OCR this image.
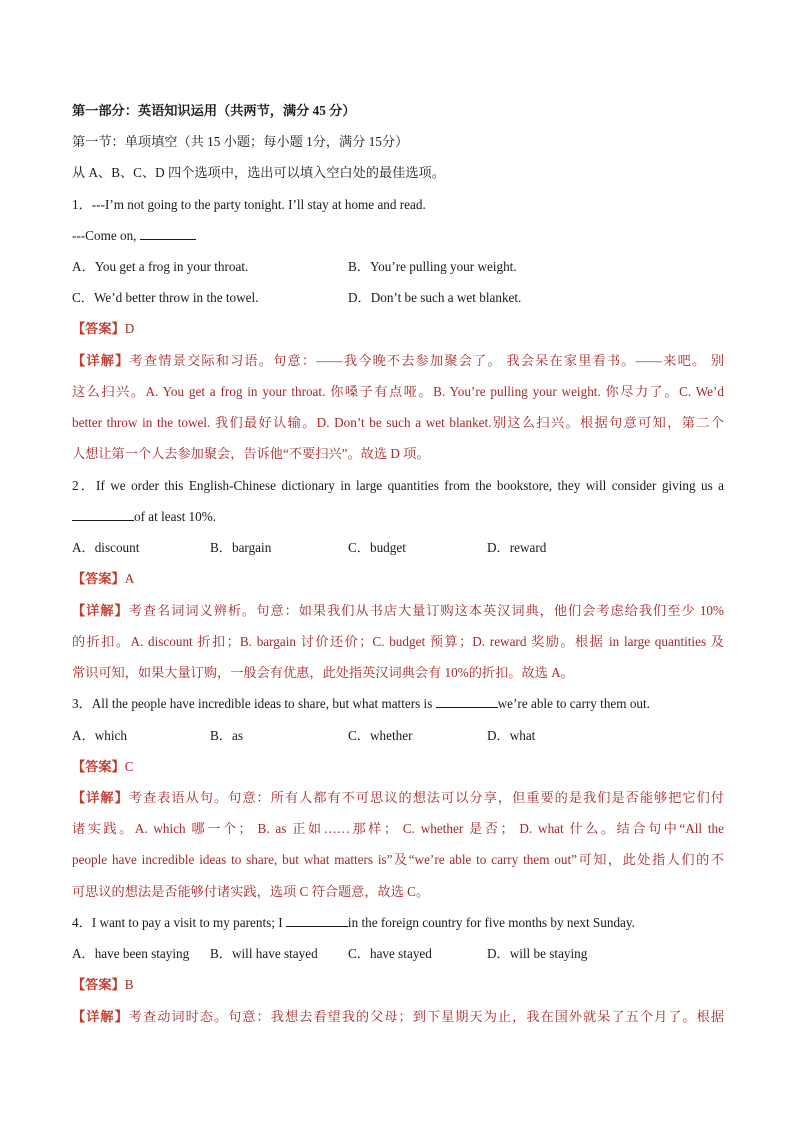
第一部分：英语知识运用（共两节，满分 45 分）
第一节：单项填空（共 15 小题；每小题 1分，满分 15分）
从 A、B、C、D 四个选项中，选出可以填入空白处的最佳选项。
1．---I’m not going to the party tonight. I’ll stay at home and read.
---Come on,
A．You get a frog in your throat.	B．You’re pulling your weight.
C．We’d better throw in the towel.	D．Don’t be such a wet blanket.
【答案】D
【详解】考查情景交际和习语。句意：——我今晚不去参加聚会了。 我会呆在家里看书。——来吧。 别
这么扫兴。A. You get a frog in your throat. 你嗓子有点哑。B. You’re pulling your weight. 你尽力了。C. We’d
better throw in the towel. 我们最好认输。D. Don’t be such a wet blanket.别这么扫兴。根据句意可知，第二个
人想让第一个人去参加聚会，告诉他“不要扫兴”。故选 D 项。
2．If we order this English-Chinese dictionary in large quantities from the bookstore, they will consider giving us a
of at least 10%.
A．discount	B．bargain	C．budget	D．reward
【答案】A
【详解】考查名词词义辨析。句意：如果我们从书店大量订购这本英汉词典，他们会考虑给我们至少 10%
的折扣。A. discount 折扣；B. bargain 讨价还价；C. budget 预算；D. reward 奖励。根据 in large quantities 及
常识可知，如果大量订购，一般会有优惠，此处指英汉词典会有 10%的折扣。故选 A。
3．All the people have incredible ideas to share, but what matters is	we’re able to carry them out.
A．which	B．as	C．whether	D．what
【答案】C
【详解】考查表语从句。句意：所有人都有不可思议的想法可以分享，但重要的是我们是否能够把它们付
诸实践。A. which 哪一个； B. as 正如……那样； C. whether 是否； D. what 什么。结合句中“All the
people have incredible ideas to share, but what matters is”及“we’re able to carry them out”可知，此处指人们的不
可思议的想法是否能够付诸实践，选项 C 符合题意，故选 C。
4．I want to pay a visit to my parents; I	in the foreign country for five months by next Sunday.
A．have been staying B．will have stayed C．have stayed	D．will be staying
【答案】B
【详解】考查动词时态。句意：我想去看望我的父母；到下星期天为止，我在国外就呆了五个月了。根据
